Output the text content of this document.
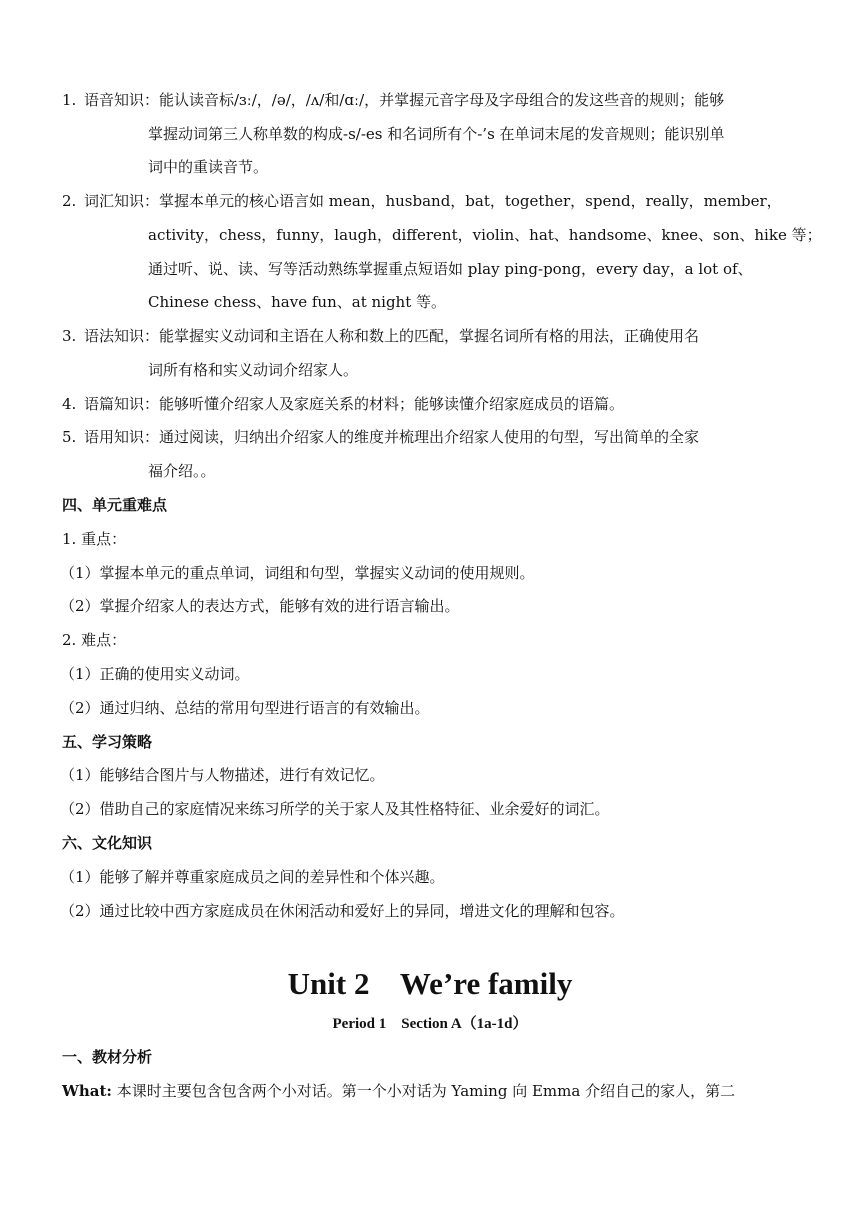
1. 语音知识：能认读音标/ɜː/，/ə/，/ʌ/和/ɑː/，并掌握元音字母及字母组合的发这些音的规则；能够
掌握动词第三人称单数的构成-s/-es 和名词所有个-’s 在单词末尾的发音规则；能识别单
词中的重读音节。
2. 词汇知识：掌握本单元的核心语言如 mean，husband，bat，together，spend，really，member，
activity，chess，funny，laugh，different，violin、hat、handsome、knee、son、hike 等；
通过听、说、读、写等活动熟练掌握重点短语如 play ping-pong，every day，a lot of、
Chinese chess、have fun、at night 等。
3. 语法知识：能掌握实义动词和主语在人称和数上的匹配，掌握名词所有格的用法，正确使用名
词所有格和实义动词介绍家人。
4. 语篇知识：能够听懂介绍家人及家庭关系的材料；能够读懂介绍家庭成员的语篇。
5. 语用知识：通过阅读，归纳出介绍家人的维度并梳理出介绍家人使用的句型，写出简单的全家
福介绍。。
四、单元重难点
1. 重点：
（1）掌握本单元的重点单词，词组和句型，掌握实义动词的使用规则。
（2）掌握介绍家人的表达方式，能够有效的进行语言输出。
2. 难点：
（1）正确的使用实义动词。
（2）通过归纳、总结的常用句型进行语言的有效输出。
五、学习策略
（1）能够结合图片与人物描述，进行有效记忆。
（2）借助自己的家庭情况来练习所学的关于家人及其性格特征、业余爱好的词汇。
六、文化知识
（1）能够了解并尊重家庭成员之间的差异性和个体兴趣。
（2）通过比较中西方家庭成员在休闲活动和爱好上的异同，增进文化的理解和包容。
Unit 2    We’re family
Period 1    Section A（1a-1d）
一、教材分析
What: 本课时主要包含包含两个小对话。第一个小对话为 Yaming 向 Emma 介绍自己的家人，第二
